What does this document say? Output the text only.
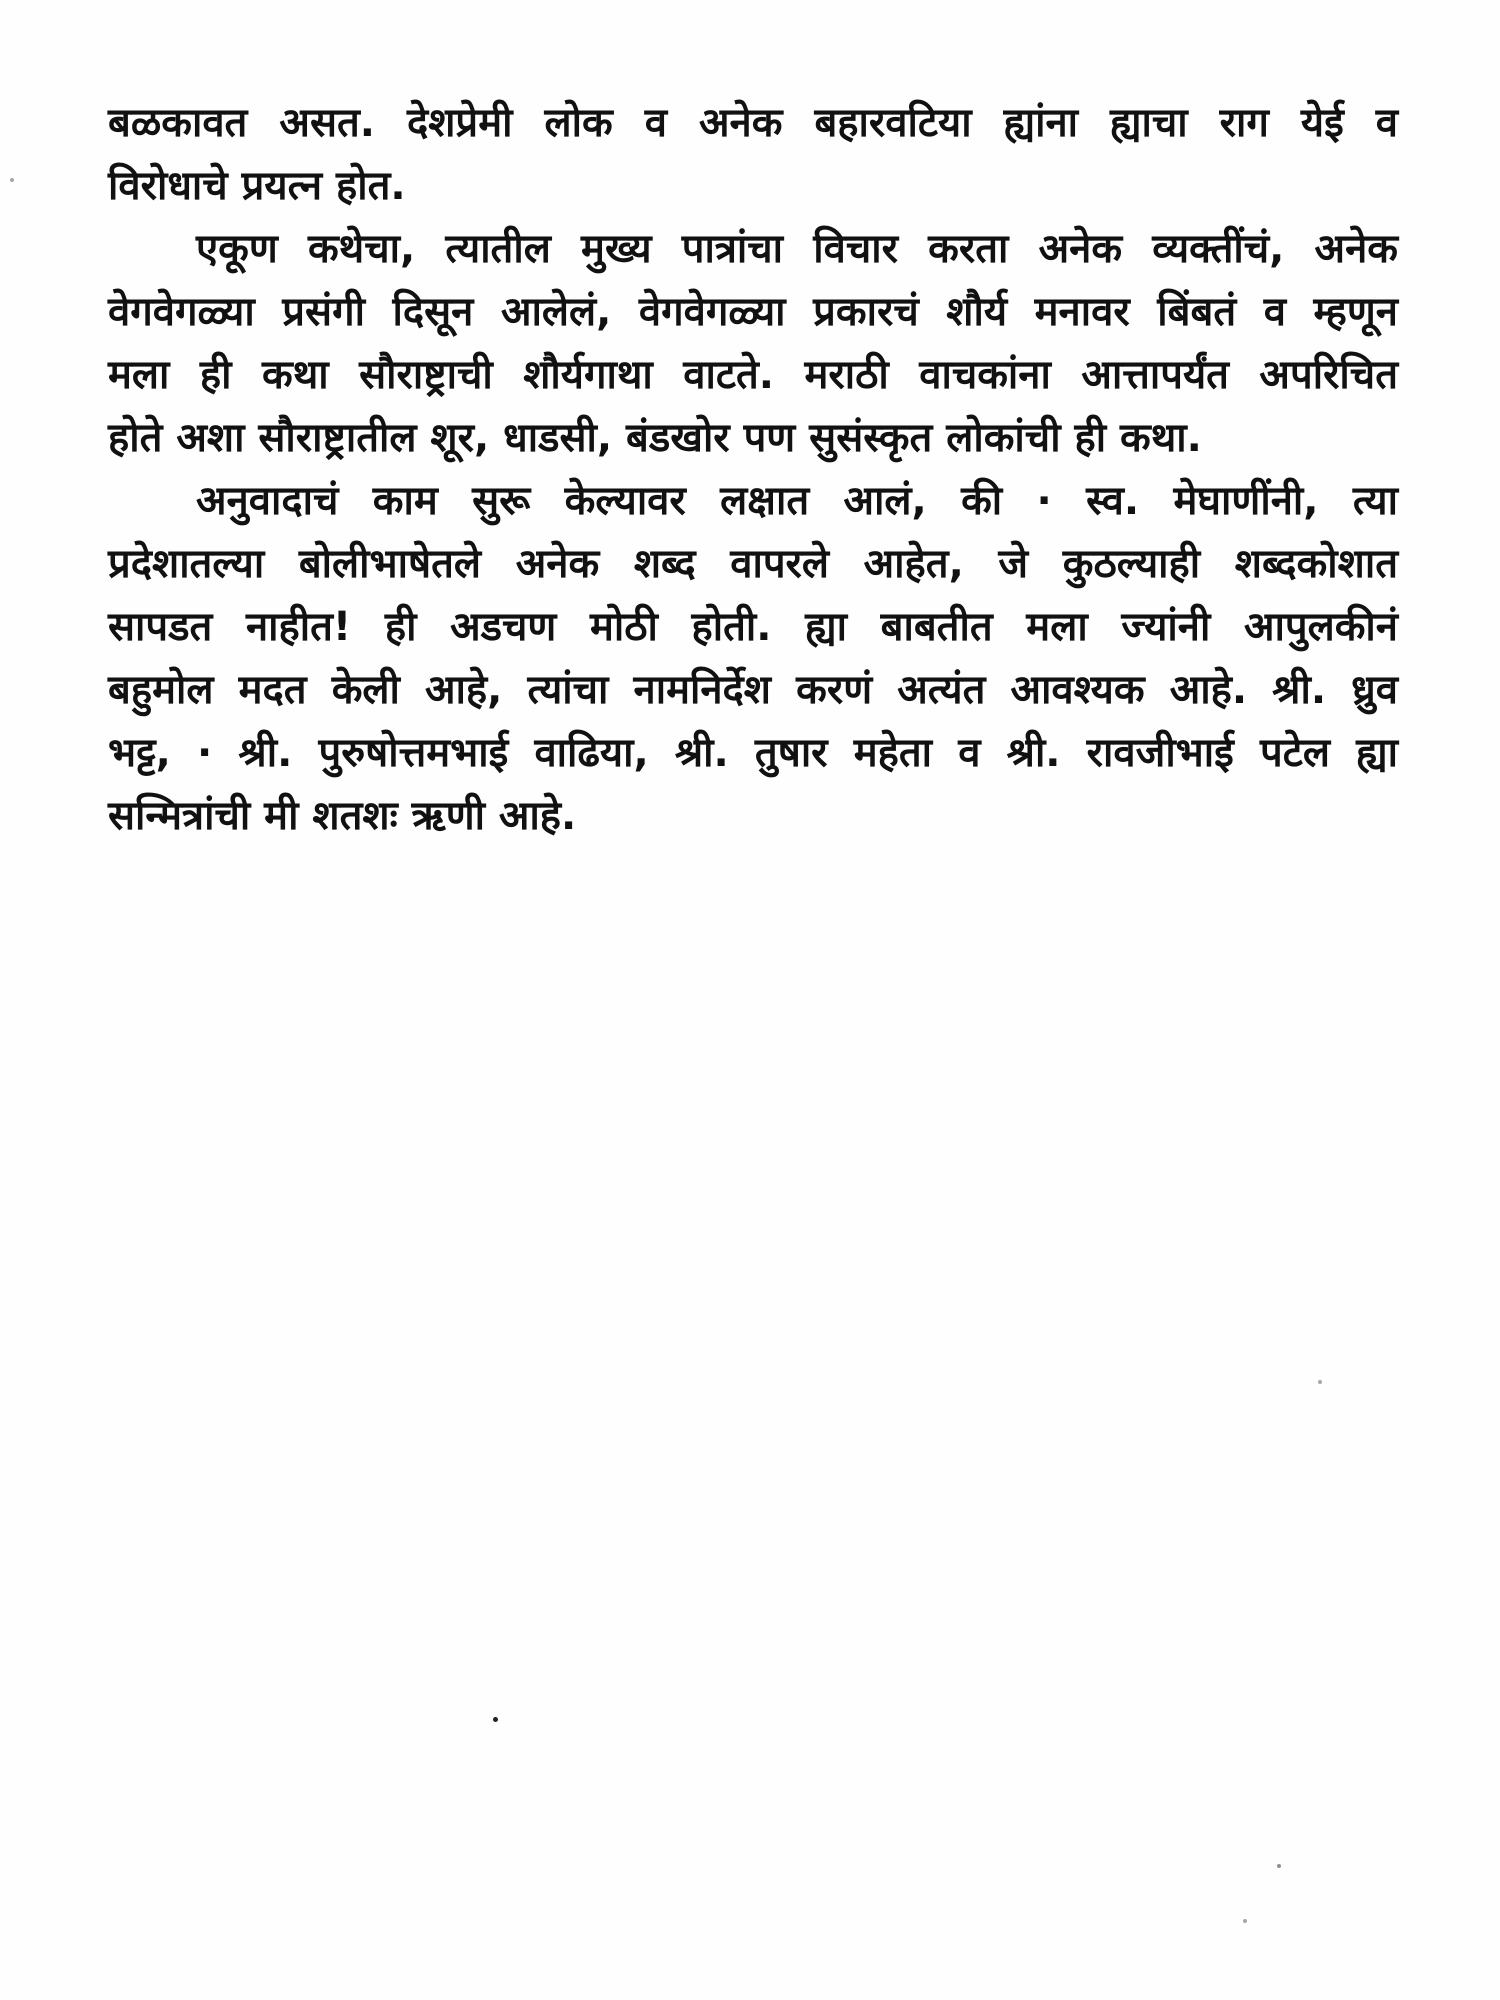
बळकावत असत. देशप्रेमी लोक व अनेक बहारवटिया ह्यांना ह्याचा राग येई व
विरोधाचे प्रयत्न होत.
एकूण कथेचा, त्यातील मुख्य पात्रांचा विचार करता अनेक व्यक्तींचं, अनेक
वेगवेगळ्या प्रसंगी दिसून आलेलं, वेगवेगळ्या प्रकारचं शौर्य मनावर बिंबतं व म्हणून
मला ही कथा सौराष्ट्राची शौर्यगाथा वाटते. मराठी वाचकांना आत्तापर्यंत अपरिचित
होते अशा सौराष्ट्रातील शूर, धाडसी, बंडखोर पण सुसंस्कृत लोकांची ही कथा.
अनुवादाचं काम सुरू केल्यावर लक्षात आलं, की · स्व. मेघाणींनी, त्या
प्रदेशातल्या बोलीभाषेतले अनेक शब्द वापरले आहेत, जे कुठल्याही शब्दकोशात
सापडत नाहीत! ही अडचण मोठी होती. ह्या बाबतीत मला ज्यांनी आपुलकीनं
बहुमोल मदत केली आहे, त्यांचा नामनिर्देश करणं अत्यंत आवश्यक आहे. श्री. ध्रुव
भट्ट, · श्री. पुरुषोत्तमभाई वाढिया, श्री. तुषार महेता व श्री. रावजीभाई पटेल ह्या
सन्मित्रांची मी शतशः ऋणी आहे.
